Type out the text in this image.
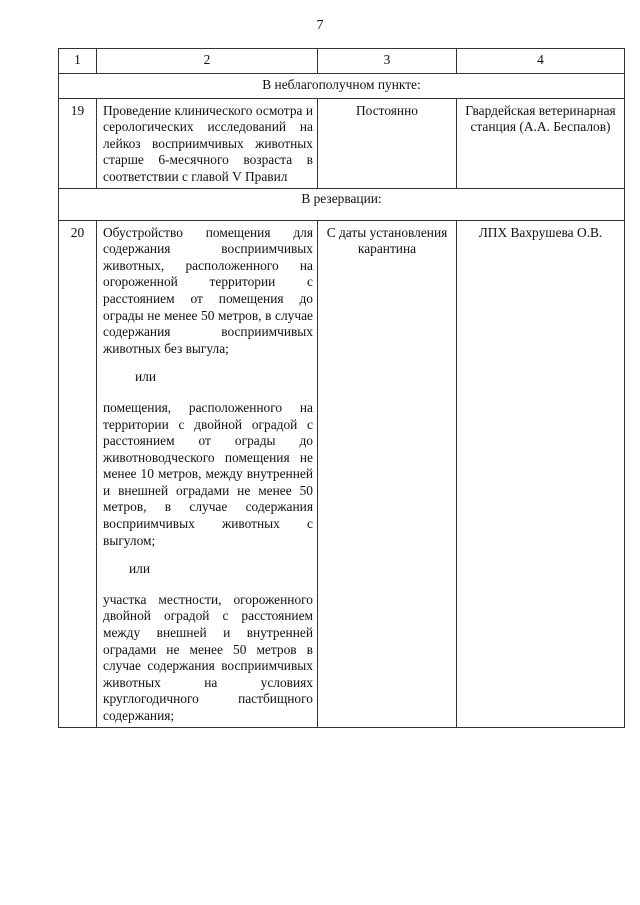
7
1	2	3	4
В неблагополучном пункте:			
19	Проведение клинического осмотра и серологических исследований на лейкоз восприимчивых животных старше 6-месячного возраста в соответствии с главой V Правил	Постоянно	Гвардейская ветеринарная станция (А.А. Беспалов)
В резервации:			
20	Обустройство помещения для содержания восприимчивых животных, расположенного на огороженной территории с расстоянием от помещения до ограды не менее 50 метров, в случае содержания восприимчивых животных без выгула;

или

помещения, расположенного на территории с двойной оградой с расстоянием от ограды до животноводческого помещения не менее 10 метров, между внутренней и внешней оградами не менее 50 метров, в случае содержания восприимчивых животных с выгулом;

или

участка местности, огороженного двойной оградой с расстоянием между внешней и внутренней оградами не менее 50 метров в случае содержания восприимчивых животных на условиях круглогодичного пастбищного содержания;	С даты установления карантина	ЛПХ Вахрушева О.В.
